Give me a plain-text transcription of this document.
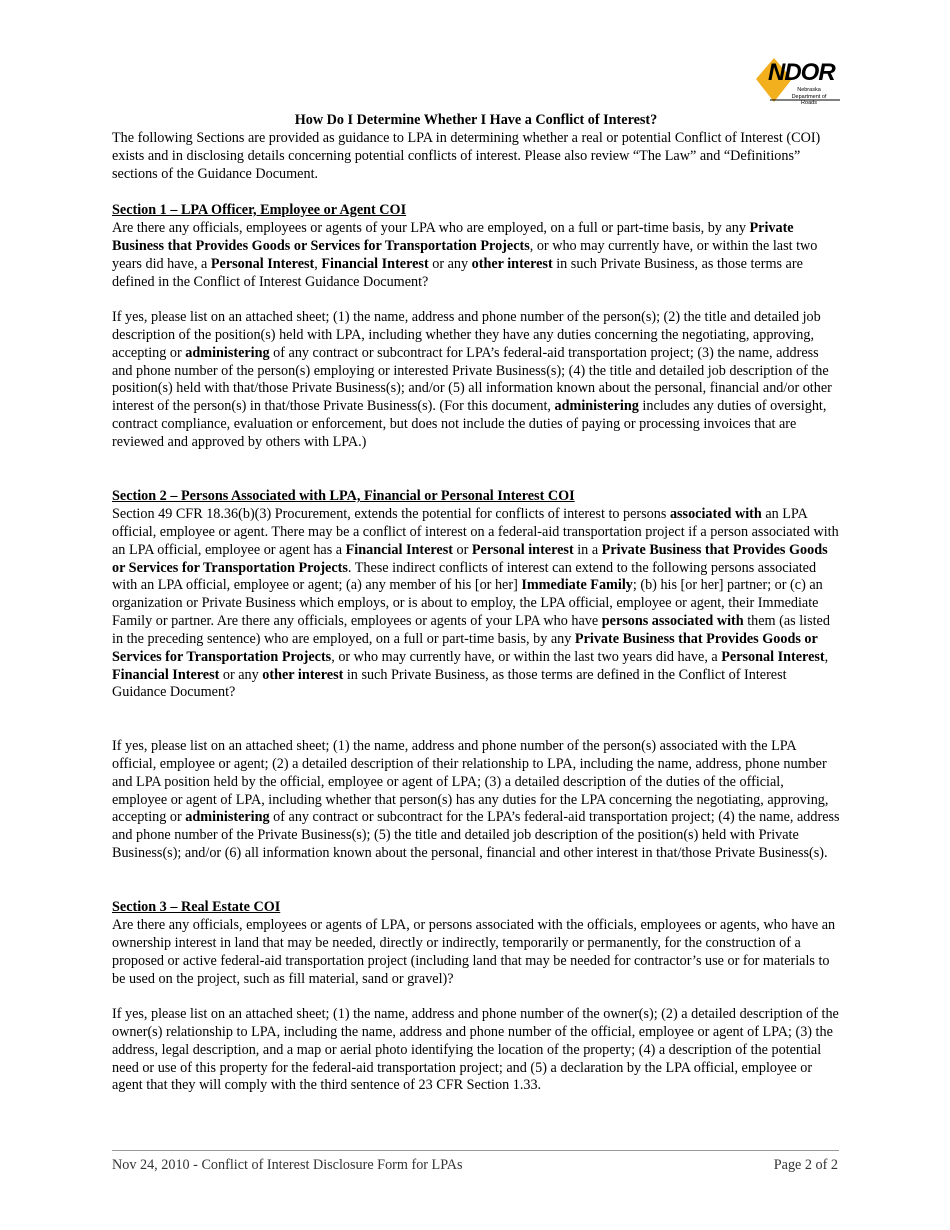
NDOR
Nebraska
Department of Roads
How Do I Determine Whether I Have a Conflict of Interest?

The following Sections are provided as guidance to LPA in determining whether a real or potential Conflict of Interest (COI) exists and in disclosing details concerning potential conflicts of interest. Please also review “The Law” and “Definitions” sections of the Guidance Document.

Section 1 – LPA Officer, Employee or Agent COI

Are there any officials, employees or agents of your LPA who are employed, on a full or part-time basis, by any Private Business that Provides Goods or Services for Transportation Projects, or who may currently have, or within the last two years did have, a Personal Interest, Financial Interest or any other interest in such Private Business, as those terms are defined in the Conflict of Interest Guidance Document?

If yes, please list on an attached sheet; (1) the name, address and phone number of the person(s); (2) the title and detailed job description of the position(s) held with LPA, including whether they have any duties concerning the negotiating, approving, accepting or administering of any contract or subcontract for LPA’s federal-aid transportation project; (3) the name, address and phone number of the person(s) employing or interested Private Business(s); (4) the title and detailed job description of the position(s) held with that/those Private Business(s); and/or (5) all information known about the personal, financial and/or other interest of the person(s) in that/those Private Business(s). (For this document, administering includes any duties of oversight, contract compliance, evaluation or enforcement, but does not include the duties of paying or processing invoices that are reviewed and approved by others with LPA.)

Section 2 – Persons Associated with LPA, Financial or Personal Interest COI

Section 49 CFR 18.36(b)(3) Procurement, extends the potential for conflicts of interest to persons associated with an LPA official, employee or agent. There may be a conflict of interest on a federal-aid transportation project if a person associated with an LPA official, employee or agent has a Financial Interest or Personal interest in a Private Business that Provides Goods or Services for Transportation Projects. These indirect conflicts of interest can extend to the following persons associated with an LPA official, employee or agent; (a) any member of his [or her] Immediate Family; (b) his [or her] partner; or (c) an organization or Private Business which employs, or is about to employ, the LPA official, employee or agent, their Immediate Family or partner. Are there any officials, employees or agents of your LPA who have persons associated with them (as listed in the preceding sentence) who are employed, on a full or part-time basis, by any Private Business that Provides Goods or Services for Transportation Projects, or who may currently have, or within the last two years did have, a Personal Interest, Financial Interest or any other interest in such Private Business, as those terms are defined in the Conflict of Interest Guidance Document?

If yes, please list on an attached sheet; (1) the name, address and phone number of the person(s) associated with the LPA official, employee or agent; (2) a detailed description of their relationship to LPA, including the name, address, phone number and LPA position held by the official, employee or agent of LPA; (3) a detailed description of the duties of the official, employee or agent of LPA, including whether that person(s) has any duties for the LPA concerning the negotiating, approving, accepting or administering of any contract or subcontract for the LPA’s federal-aid transportation project; (4) the name, address and phone number of the Private Business(s); (5) the title and detailed job description of the position(s) held with Private Business(s); and/or (6) all information known about the personal, financial and other interest in that/those Private Business(s).

Section 3 – Real Estate COI

Are there any officials, employees or agents of LPA, or persons associated with the officials, employees or agents, who have an ownership interest in land that may be needed, directly or indirectly, temporarily or permanently, for the construction of a proposed or active federal-aid transportation project (including land that may be needed for contractor’s use or for materials to be used on the project, such as fill material, sand or gravel)?

If yes, please list on an attached sheet; (1) the name, address and phone number of the owner(s); (2) a detailed description of the owner(s) relationship to LPA, including the name, address and phone number of the official, employee or agent of LPA; (3) the address, legal description, and a map or aerial photo identifying the location of the property; (4) a description of the potential need or use of this property for the federal-aid transportation project; and (5) a declaration by the LPA official, employee or agent that they will comply with the third sentence of 23 CFR Section 1.33.

Nov 24, 2010 - Conflict of Interest Disclosure Form for LPAs	Page 2 of 2
